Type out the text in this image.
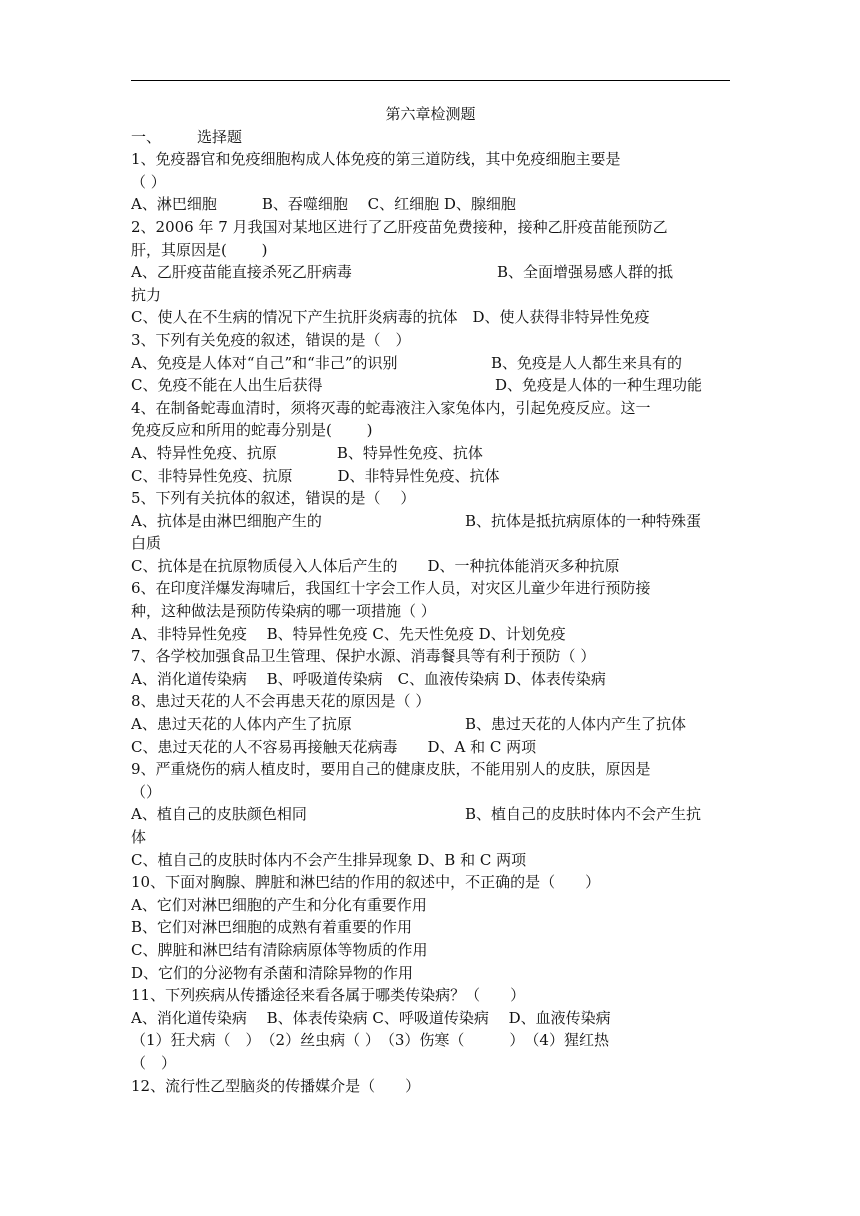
第六章检测题
一、 选择题
1、免疫器官和免疫细胞构成人体免疫的第三道防线，其中免疫细胞主要是
（ ）
A、淋巴细胞　　　B、吞噬细胞　 C、红细胞 D、腺细胞
2、2006 年 7 月我国对某地区进行了乙肝疫苗免费接种，接种乙肝疫苗能预防乙
肝，其原因是(　　 )
A、乙肝疫苗能直接杀死乙肝病毒	B、全面增强易感人群的抵
抗力
C、使人在不生病的情况下产生抗肝炎病毒的抗体　D、使人获得非特异性免疫
3、下列有关免疫的叙述，错误的是（　）
A、免疫是人体对“自己”和“非己”的识别	B、免疫是人人都生来具有的
C、免疫不能在人出生后获得	D、免疫是人体的一种生理功能
4、在制备蛇毒血清时，须将灭毒的蛇毒液注入家兔体内，引起免疫反应。这一
免疫反应和所用的蛇毒分别是(　　 )
A、特异性免疫、抗原　　　　B、特异性免疫、抗体
C、非特异性免疫、抗原　　　D、非特异性免疫、抗体
5、下列有关抗体的叙述，错误的是（　 ）
A、抗体是由淋巴细胞产生的	B、抗体是抵抗病原体的一种特殊蛋
白质
C、抗体是在抗原物质侵入人体后产生的　　D、一种抗体能消灭多种抗原
6、在印度洋爆发海啸后，我国红十字会工作人员，对灾区儿童少年进行预防接
种，这种做法是预防传染病的哪一项措施（ ）
A、非特异性免疫　 B、特异性免疫 C、先天性免疫 D、计划免疫
7、各学校加强食品卫生管理、保护水源、消毒餐具等有利于预防（ ）
A、消化道传染病　 B、呼吸道传染病　C、血液传染病 D、体表传染病
8、患过天花的人不会再患天花的原因是（ ）
A、患过天花的人体内产生了抗原	B、患过天花的人体内产生了抗体
C、患过天花的人不容易再接触天花病毒　　D、A 和 C 两项
9、严重烧伤的病人植皮时，要用自己的健康皮肤，不能用别人的皮肤，原因是
（）
A、植自己的皮肤颜色相同	B、植自己的皮肤时体内不会产生抗
体
C、植自己的皮肤时体内不会产生排异现象 D、B 和 C 两项
10、下面对胸腺、脾脏和淋巴结的作用的叙述中，不正确的是（　　）
A、它们对淋巴细胞的产生和分化有重要作用
B、它们对淋巴细胞的成熟有着重要的作用
C、脾脏和淋巴结有清除病原体等物质的作用
D、它们的分泌物有杀菌和清除异物的作用
11、下列疾病从传播途径来看各属于哪类传染病？（　　）
A、消化道传染病　 B、体表传染病 C、呼吸道传染病　 D、血液传染病
（1）狂犬病（　）　（2）丝虫病（ ）　（3）伤寒（　　　）　（4）猩红热
（　）
12、流行性乙型脑炎的传播媒介是（　　）
